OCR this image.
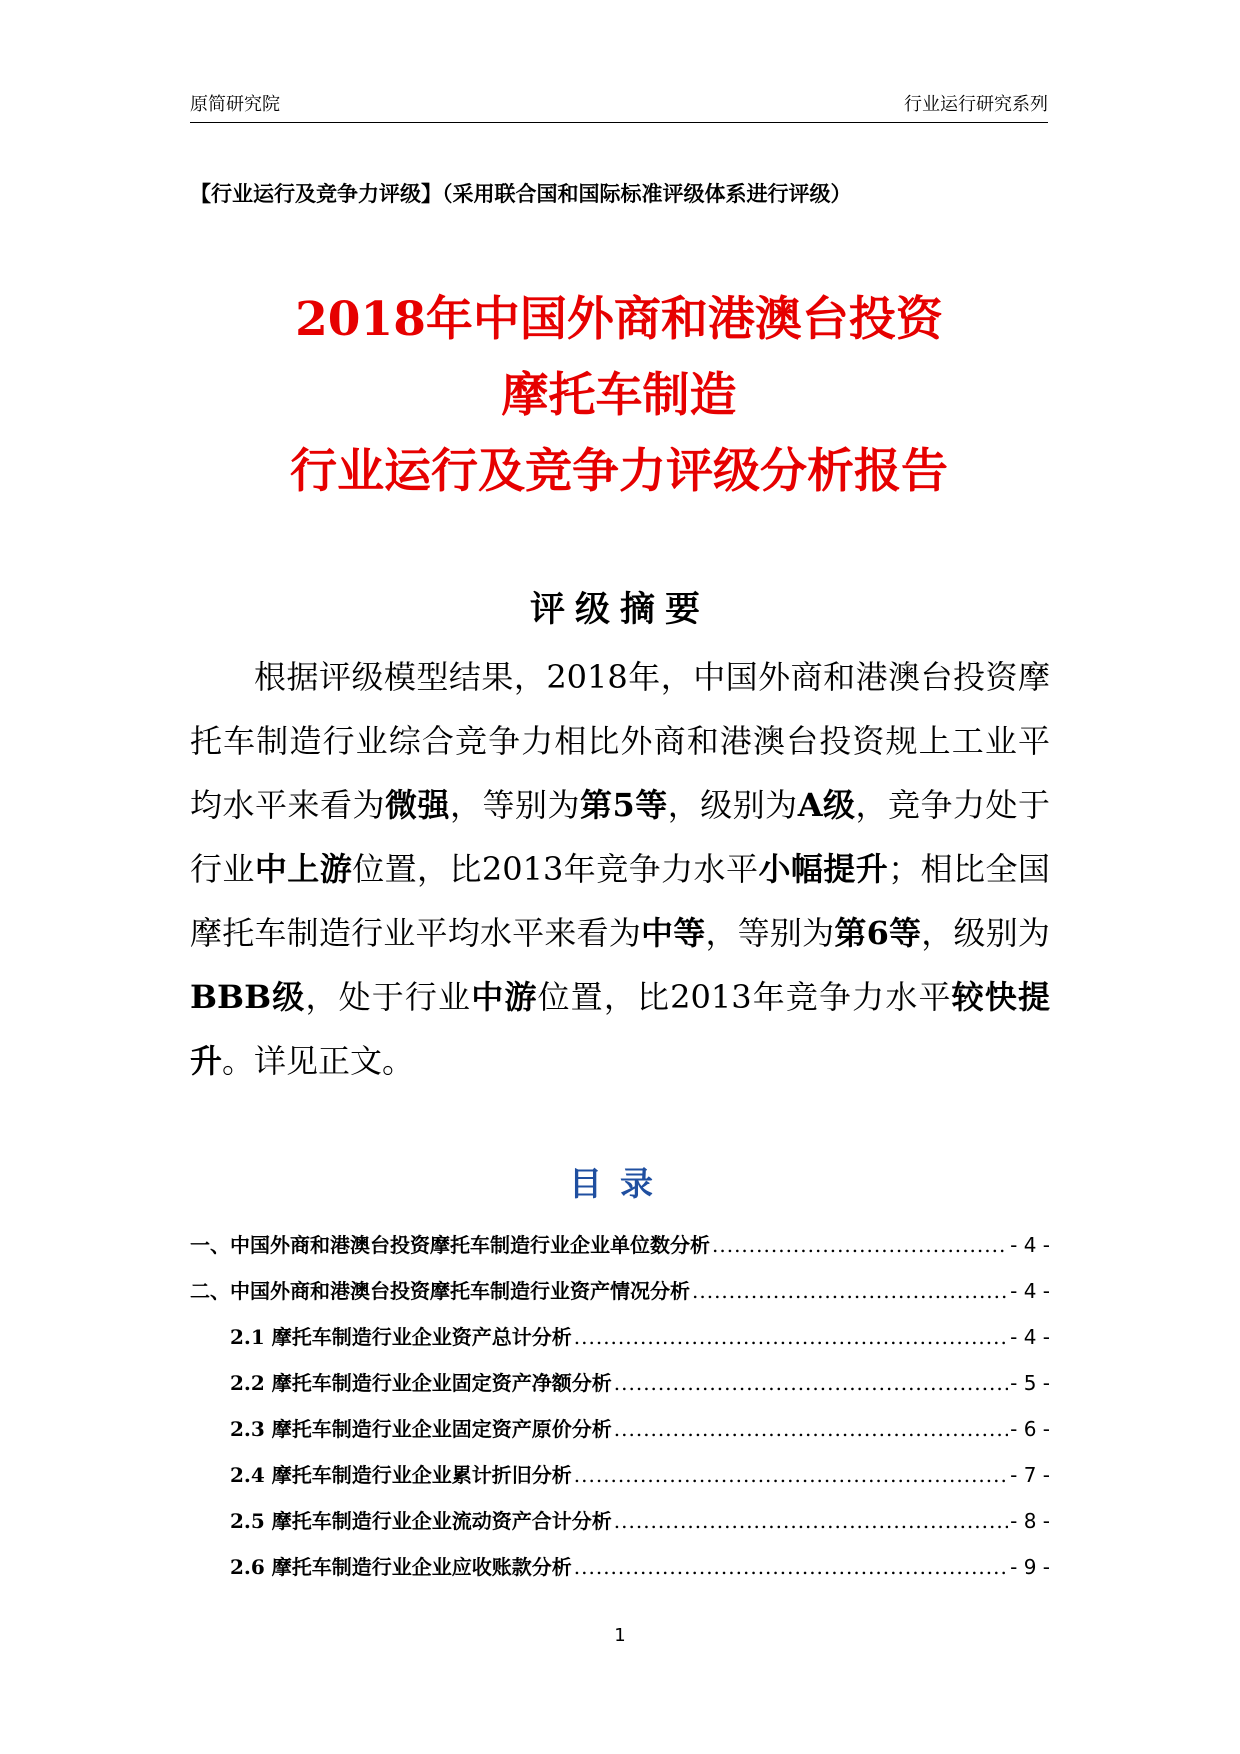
原简研究院	行业运行研究系列
【行业运行及竞争力评级】（采用联合国和国际标准评级体系进行评级）
2018年中国外商和港澳台投资
摩托车制造
行业运行及竞争力评级分析报告
评级摘要

根据评级模型结果，2018年，中国外商和港澳台投资摩托车制造行业综合竞争力相比外商和港澳台投资规上工业平均水平来看为微强，等别为第5等，级别为A级，竞争力处于行业中上游位置，比2013年竞争力水平小幅提升；相比全国摩托车制造行业平均水平来看为中等，等别为第6等，级别为BBB级，处于行业中游位置，比2013年竞争力水平较快提升。详见正文。

目录
一、中国外商和港澳台投资摩托车制造行业企业单位数分析 .....	- 4 -
二、中国外商和港澳台投资摩托车制造行业资产情况分析 .....	- 4 -
2.1 摩托车制造行业企业资产总计分析 .....	- 4 -
2.2 摩托车制造行业企业固定资产净额分析 .....	- 5 -
2.3 摩托车制造行业企业固定资产原价分析 .....	- 6 -
2.4 摩托车制造行业企业累计折旧分析 .....	- 7 -
2.5 摩托车制造行业企业流动资产合计分析 .....	- 8 -
2.6 摩托车制造行业企业应收账款分析 .....	- 9 -
1
